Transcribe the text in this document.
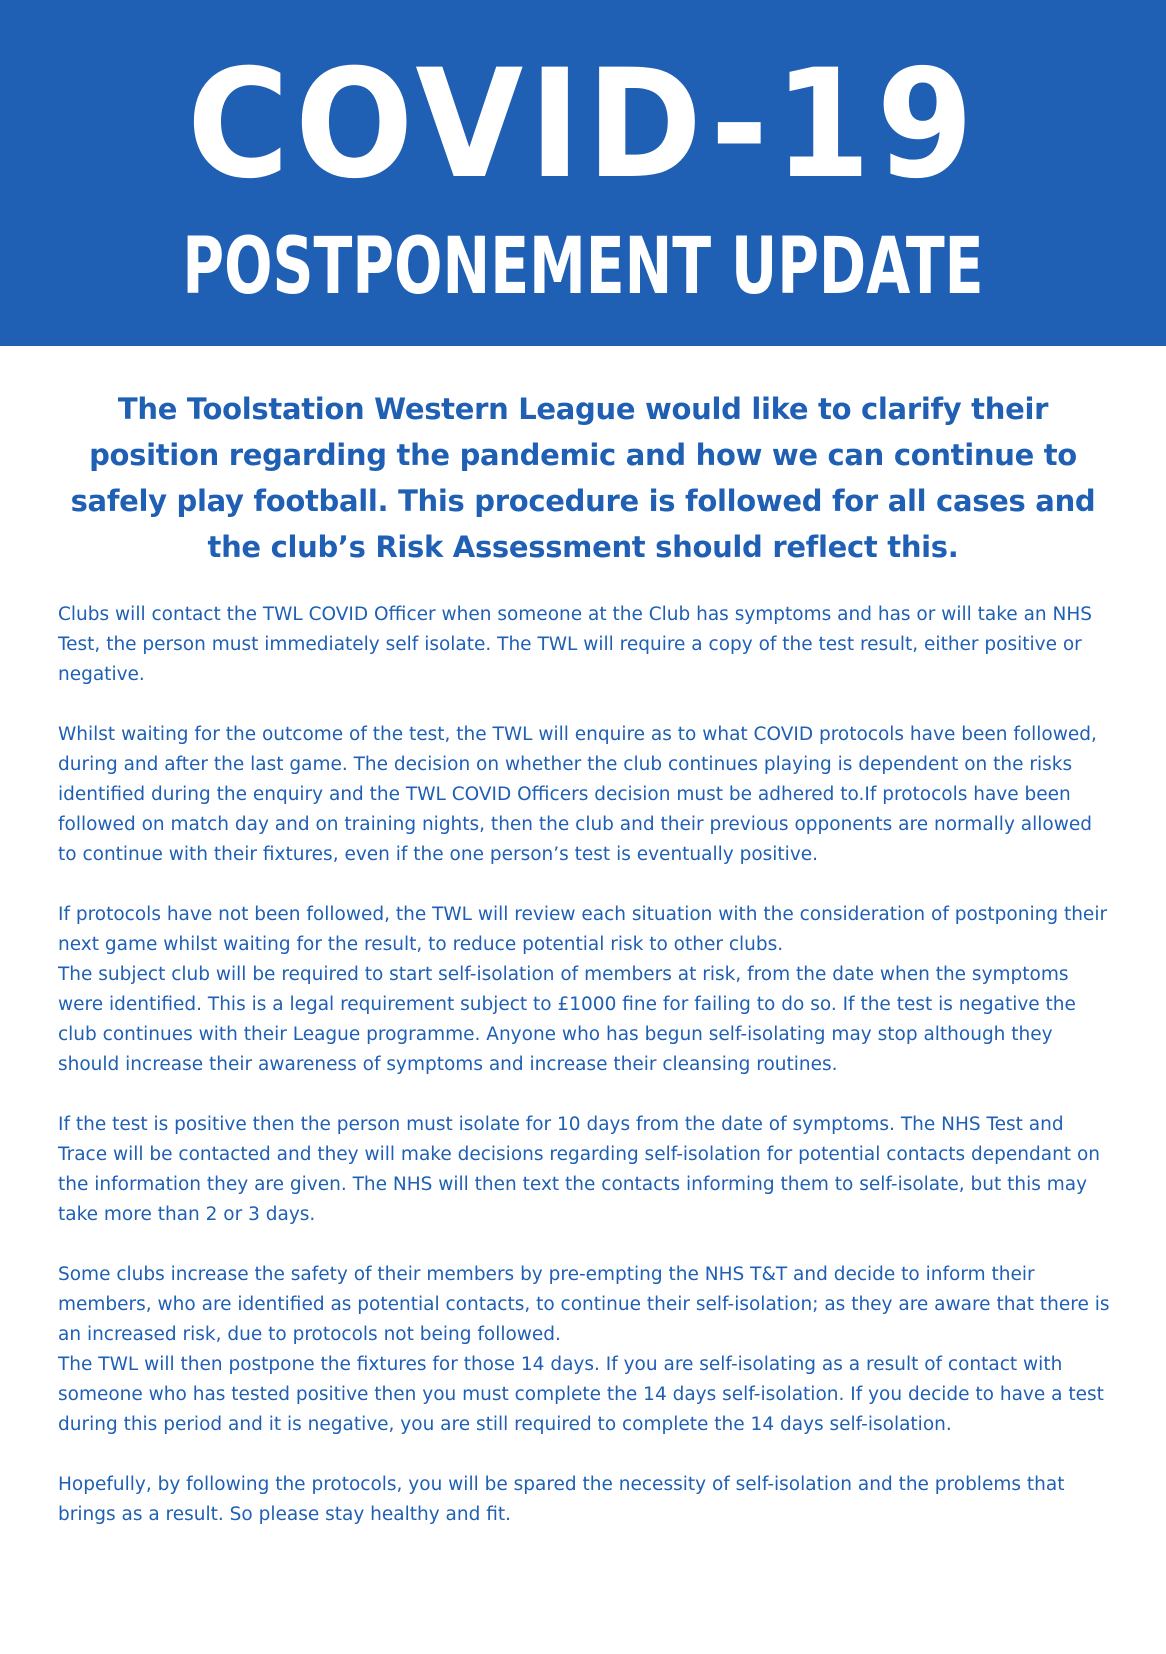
COVID-19
POSTPONEMENT UPDATE
The Toolstation Western League would like to clarify their position regarding the pandemic and how we can continue to safely play football. This procedure is followed for all cases and the club’s Risk Assessment should reflect this.

Clubs will contact the TWL COVID Officer when someone at the Club has symptoms and has or will take an NHS Test, the person must immediately self isolate. The TWL will require a copy of the test result, either positive or negative.

Whilst waiting for the outcome of the test, the TWL will enquire as to what COVID protocols have been followed, during and after the last game. The decision on whether the club continues playing is dependent on the risks identified during the enquiry and the TWL COVID Officers decision must be adhered to.If protocols have been followed on match day and on training nights, then the club and their previous opponents are normally allowed to continue with their fixtures, even if the one person’s test is eventually positive.

If protocols have not been followed, the TWL will review each situation with the consideration of postponing their next game whilst waiting for the result, to reduce potential risk to other clubs.
The subject club will be required to start self-isolation of members at risk, from the date when the symptoms were identified. This is a legal requirement subject to £1000 fine for failing to do so. If the test is negative the club continues with their League programme. Anyone who has begun self-isolating may stop although they should increase their awareness of symptoms and increase their cleansing routines.

If the test is positive then the person must isolate for 10 days from the date of symptoms. The NHS Test and Trace will be contacted and they will make decisions regarding self-isolation for potential contacts dependant on the information they are given. The NHS will then text the contacts informing them to self-isolate, but this may take more than 2 or 3 days.

Some clubs increase the safety of their members by pre-empting the NHS T&T and decide to inform their members, who are identified as potential contacts, to continue their self-isolation; as they are aware that there is an increased risk, due to protocols not being followed.
The TWL will then postpone the fixtures for those 14 days. If you are self-isolating as a result of contact with someone who has tested positive then you must complete the 14 days self-isolation. If you decide to have a test during this period and it is negative, you are still required to complete the 14 days self-isolation.

Hopefully, by following the protocols, you will be spared the necessity of self-isolation and the problems that brings as a result. So please stay healthy and fit.
